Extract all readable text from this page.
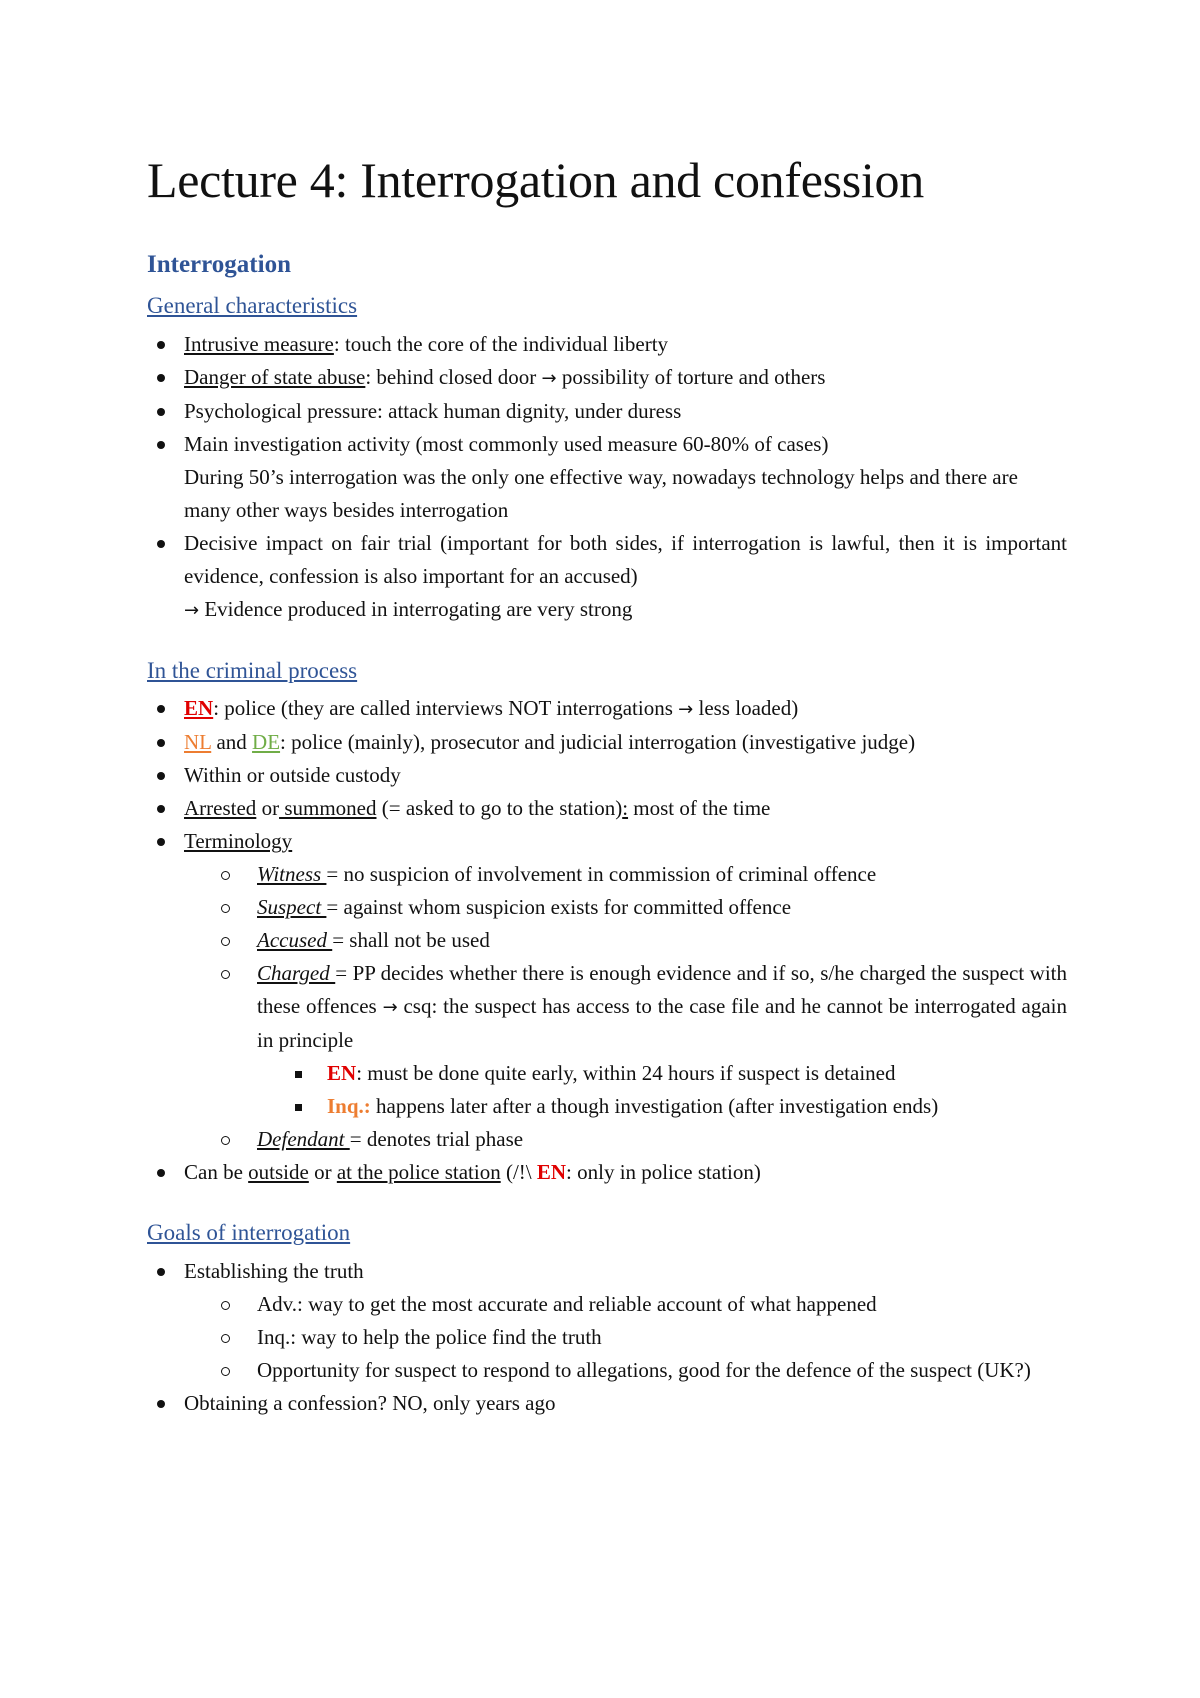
Lecture 4: Interrogation and confession
Interrogation
General characteristics
Intrusive measure: touch the core of the individual liberty
Danger of state abuse: behind closed door → possibility of torture and others
Psychological pressure: attack human dignity, under duress
Main investigation activity (most commonly used measure 60-80% of cases)
During 50’s interrogation was the only one effective way, nowadays technology helps and there are many other ways besides interrogation
Decisive impact on fair trial (important for both sides, if interrogation is lawful, then it is important evidence, confession is also important for an accused)
→ Evidence produced in interrogating are very strong
In the criminal process
EN: police (they are called interviews NOT interrogations → less loaded)
NL and DE: police (mainly), prosecutor and judicial interrogation (investigative judge)
Within or outside custody
Arrested or summoned (= asked to go to the station): most of the time
Terminology
Witness = no suspicion of involvement in commission of criminal offence
Suspect = against whom suspicion exists for committed offence
Accused = shall not be used
Charged = PP decides whether there is enough evidence and if so, s/he charged the suspect with these offences → csq: the suspect has access to the case file and he cannot be interrogated again in principle
EN: must be done quite early, within 24 hours if suspect is detained
Inq.: happens later after a though investigation (after investigation ends)
Defendant = denotes trial phase
Can be outside or at the police station (/!\ EN: only in police station)
Goals of interrogation
Establishing the truth
Adv.: way to get the most accurate and reliable account of what happened
Inq.: way to help the police find the truth
Opportunity for suspect to respond to allegations, good for the defence of the suspect (UK?)
Obtaining a confession? NO, only years ago
